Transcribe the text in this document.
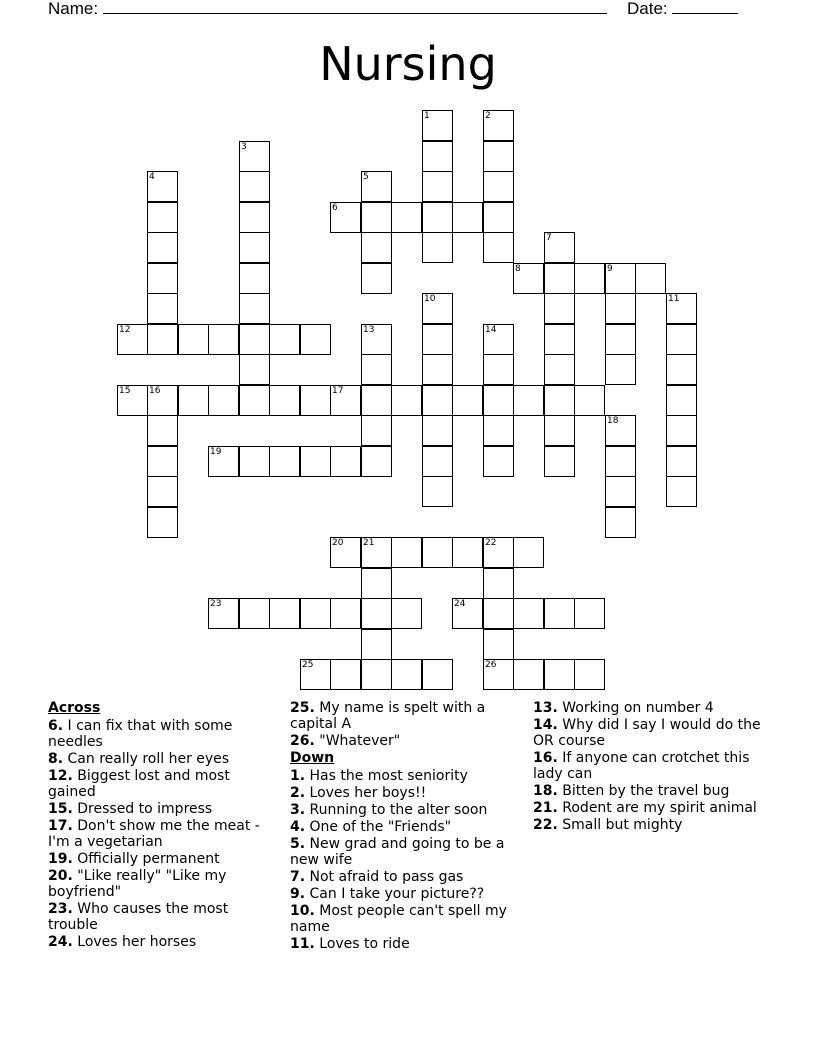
Name:	Date:
Nursing
1	2
3
4	5
6
7
8	9
10	11
12	13	14
15 16	17
18
19
20 21	22
23	24
25	26
Across
6. I can fix that with some needles
8. Can really roll her eyes
12. Biggest lost and most gained
15. Dressed to impress
17. Don't show me the meat - I'm a vegetarian
19. Officially permanent
20. "Like really" "Like my boyfriend"
23. Who causes the most trouble
24. Loves her horses
25. My name is spelt with a capital A
26. "Whatever"
Down
1. Has the most seniority
2. Loves her boys!!
3. Running to the alter soon
4. One of the "Friends"
5. New grad and going to be a new wife
7. Not afraid to pass gas
9. Can I take your picture??
10. Most people can't spell my name
11. Loves to ride
13. Working on number 4
14. Why did I say I would do the OR course
16. If anyone can crotchet this lady can
18. Bitten by the travel bug
21. Rodent are my spirit animal
22. Small but mighty
